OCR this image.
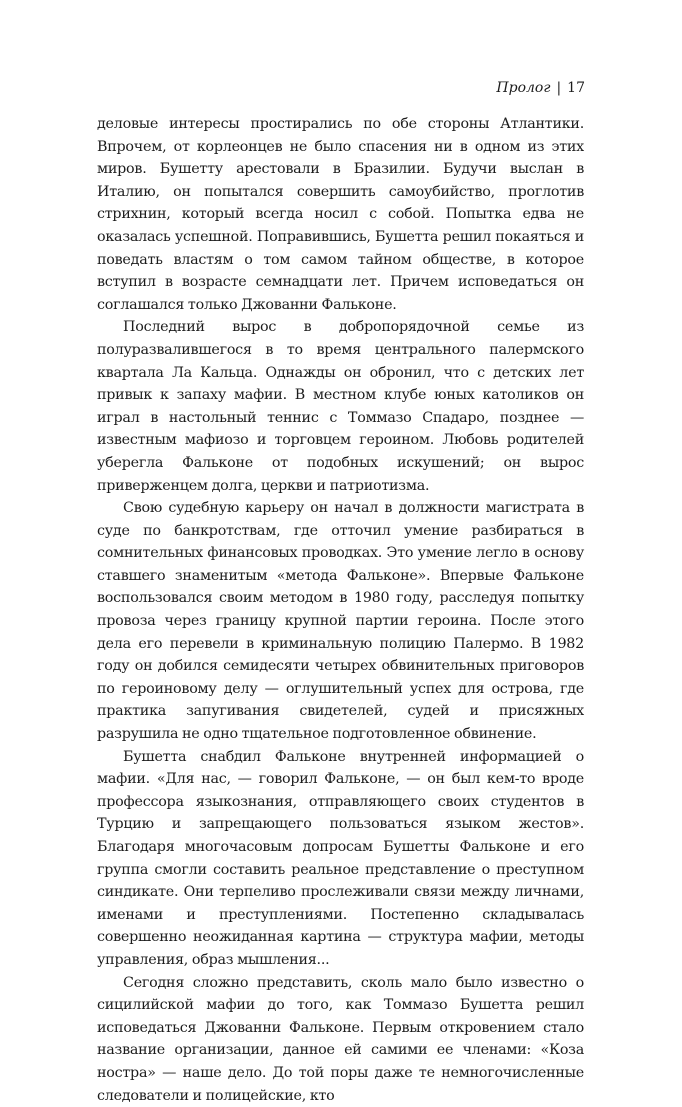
Пролог | 17

деловые интересы простирались по обе стороны Атлантики. Впрочем, от корлеонцев не было спасения ни в одном из этих миров. Бушетту арестовали в Бразилии. Будучи выслан в Италию, он попытался совершить самоубийство, проглотив стрихнин, который всегда носил с собой. Попытка едва не оказалась успешной. Поправившись, Бушетта решил покаяться и поведать властям о том самом тайном обществе, в которое вступил в возрасте семнадцати лет. Причем исповедаться он соглашался только Джованни Фальконе.

Последний вырос в добропорядочной семье из полуразвалившегося в то время центрального палермского квартала Ла Кальца. Однажды он обронил, что с детских лет привык к запаху мафии. В местном клубе юных католиков он играл в настольный теннис с Томмазо Спадаро, позднее — известным мафиозо и торговцем героином. Любовь родителей уберегла Фальконе от подобных искушений; он вырос приверженцем долга, церкви и патриотизма.

Свою судебную карьеру он начал в должности магистрата в суде по банкротствам, где отточил умение разбираться в сомнительных финансовых проводках. Это умение легло в основу ставшего знаменитым «метода Фальконе». Впервые Фальконе воспользовался своим методом в 1980 году, расследуя попытку провоза через границу крупной партии героина. После этого дела его перевели в криминальную полицию Палермо. В 1982 году он добился семидесяти четырех обвинительных приговоров по героиновому делу — оглушительный успех для острова, где практика запугивания свидетелей, судей и присяжных разрушила не одно тщательное подготовленное обвинение.

Бушетта снабдил Фальконе внутренней информацией о мафии. «Для нас, — говорил Фальконе, — он был кем-то вроде профессора языкознания, отправляющего своих студентов в Турцию и запрещающего пользоваться языком жестов». Благодаря многочасовым допросам Бушетты Фальконе и его группа смогли составить реальное представление о преступном синдикате. Они терпеливо прослеживали связи между личнами, именами и преступлениями. Постепенно складывалась совершенно неожиданная картина — структура мафии, методы управления, образ мышления...

Сегодня сложно представить, сколь мало было известно о сицилийской мафии до того, как Томмазо Бушетта решил исповедаться Джованни Фальконе. Первым откровением стало название организации, данное ей самими ее членами: «Коза ностра» — наше дело. До той поры даже те немногочисленные следователи и полицейские, кто
